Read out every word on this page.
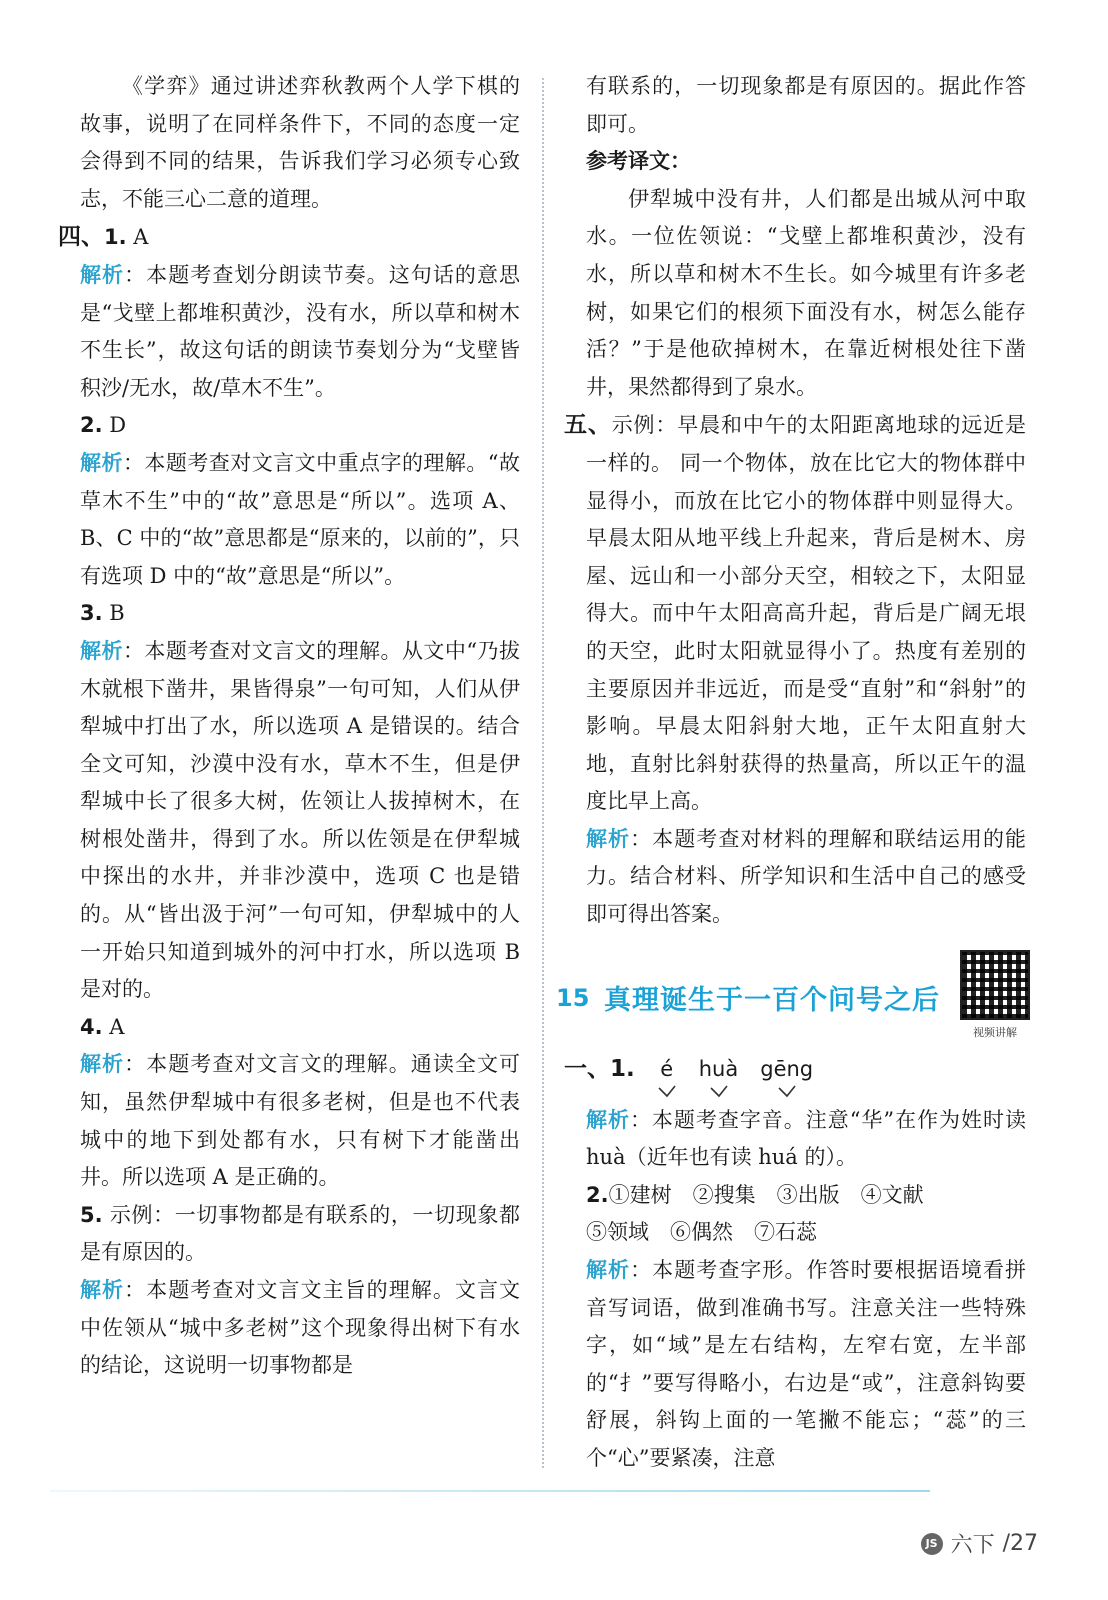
《学弈》通过讲述弈秋教两个人学下棋的故事，说明了在同样条件下，不同的态度一定会得到不同的结果，告诉我们学习必须专心致志，不能三心二意的道理。

四、1. A

解析：本题考查划分朗读节奏。这句话的意思是“戈壁上都堆积黄沙，没有水，所以草和树木不生长”，故这句话的朗读节奏划分为“戈壁皆积沙/无水，故/草木不生”。

2. D

解析：本题考查对文言文中重点字的理解。“故草木不生”中的“故”意思是“所以”。选项 A、B、C 中的“故”意思都是“原来的，以前的”，只有选项 D 中的“故”意思是“所以”。

3. B

解析：本题考查对文言文的理解。从文中“乃拔木就根下凿井，果皆得泉”一句可知，人们从伊犁城中打出了水，所以选项 A 是错误的。结合全文可知，沙漠中没有水，草木不生，但是伊犁城中长了很多大树，佐领让人拔掉树木，在树根处凿井，得到了水。所以佐领是在伊犁城中探出的水井，并非沙漠中，选项 C 也是错的。从“皆出汲于河”一句可知，伊犁城中的人一开始只知道到城外的河中打水，所以选项 B 是对的。

4. A

解析：本题考查对文言文的理解。通读全文可知，虽然伊犁城中有很多老树，但是也不代表城中的地下到处都有水，只有树下才能凿出井。所以选项 A 是正确的。

5. 示例：一切事物都是有联系的，一切现象都是有原因的。

解析：本题考查对文言文主旨的理解。文言文中佐领从“城中多老树”这个现象得出树下有水的结论，这说明一切事物都是

有联系的，一切现象都是有原因的。据此作答即可。

参考译文：

伊犁城中没有井，人们都是出城从河中取水。一位佐领说：“戈壁上都堆积黄沙，没有水，所以草和树木不生长。如今城里有许多老树，如果它们的根须下面没有水，树怎么能存活？”于是他砍掉树木，在靠近树根处往下凿井，果然都得到了泉水。

五、示例：早晨和中午的太阳距离地球的远近是一样的。 同一个物体，放在比它大的物体群中显得小，而放在比它小的物体群中则显得大。早晨太阳从地平线上升起来，背后是树木、房屋、远山和一小部分天空，相较之下，太阳显得大。而中午太阳高高升起，背后是广阔无垠的天空，此时太阳就显得小了。热度有差别的主要原因并非远近，而是受“直射”和“斜射”的影响。早晨太阳斜射大地，正午太阳直射大地，直射比斜射获得的热量高，所以正午的温度比早上高。

解析：本题考查对材料的理解和联结运用的能力。结合材料、所学知识和生活中自己的感受即可得出答案。

15 真理诞生于一百个问号之后
视频讲解
一、1. é huà gēng

解析：本题考查字音。注意“华”在作为姓时读 huà（近年也有读 huá 的）。

2.①建树　②搜集　③出版　④文献

⑤领域　⑥偶然　⑦石蕊

解析：本题考查字形。作答时要根据语境看拼音写词语，做到准确书写。注意关注一些特殊字，如“域”是左右结构，左窄右宽，左半部的“扌”要写得略小，右边是“或”，注意斜钩要舒展，斜钩上面的一笔撇不能忘；“蕊”的三个“心”要紧凑，注意

JS 六下 /27
